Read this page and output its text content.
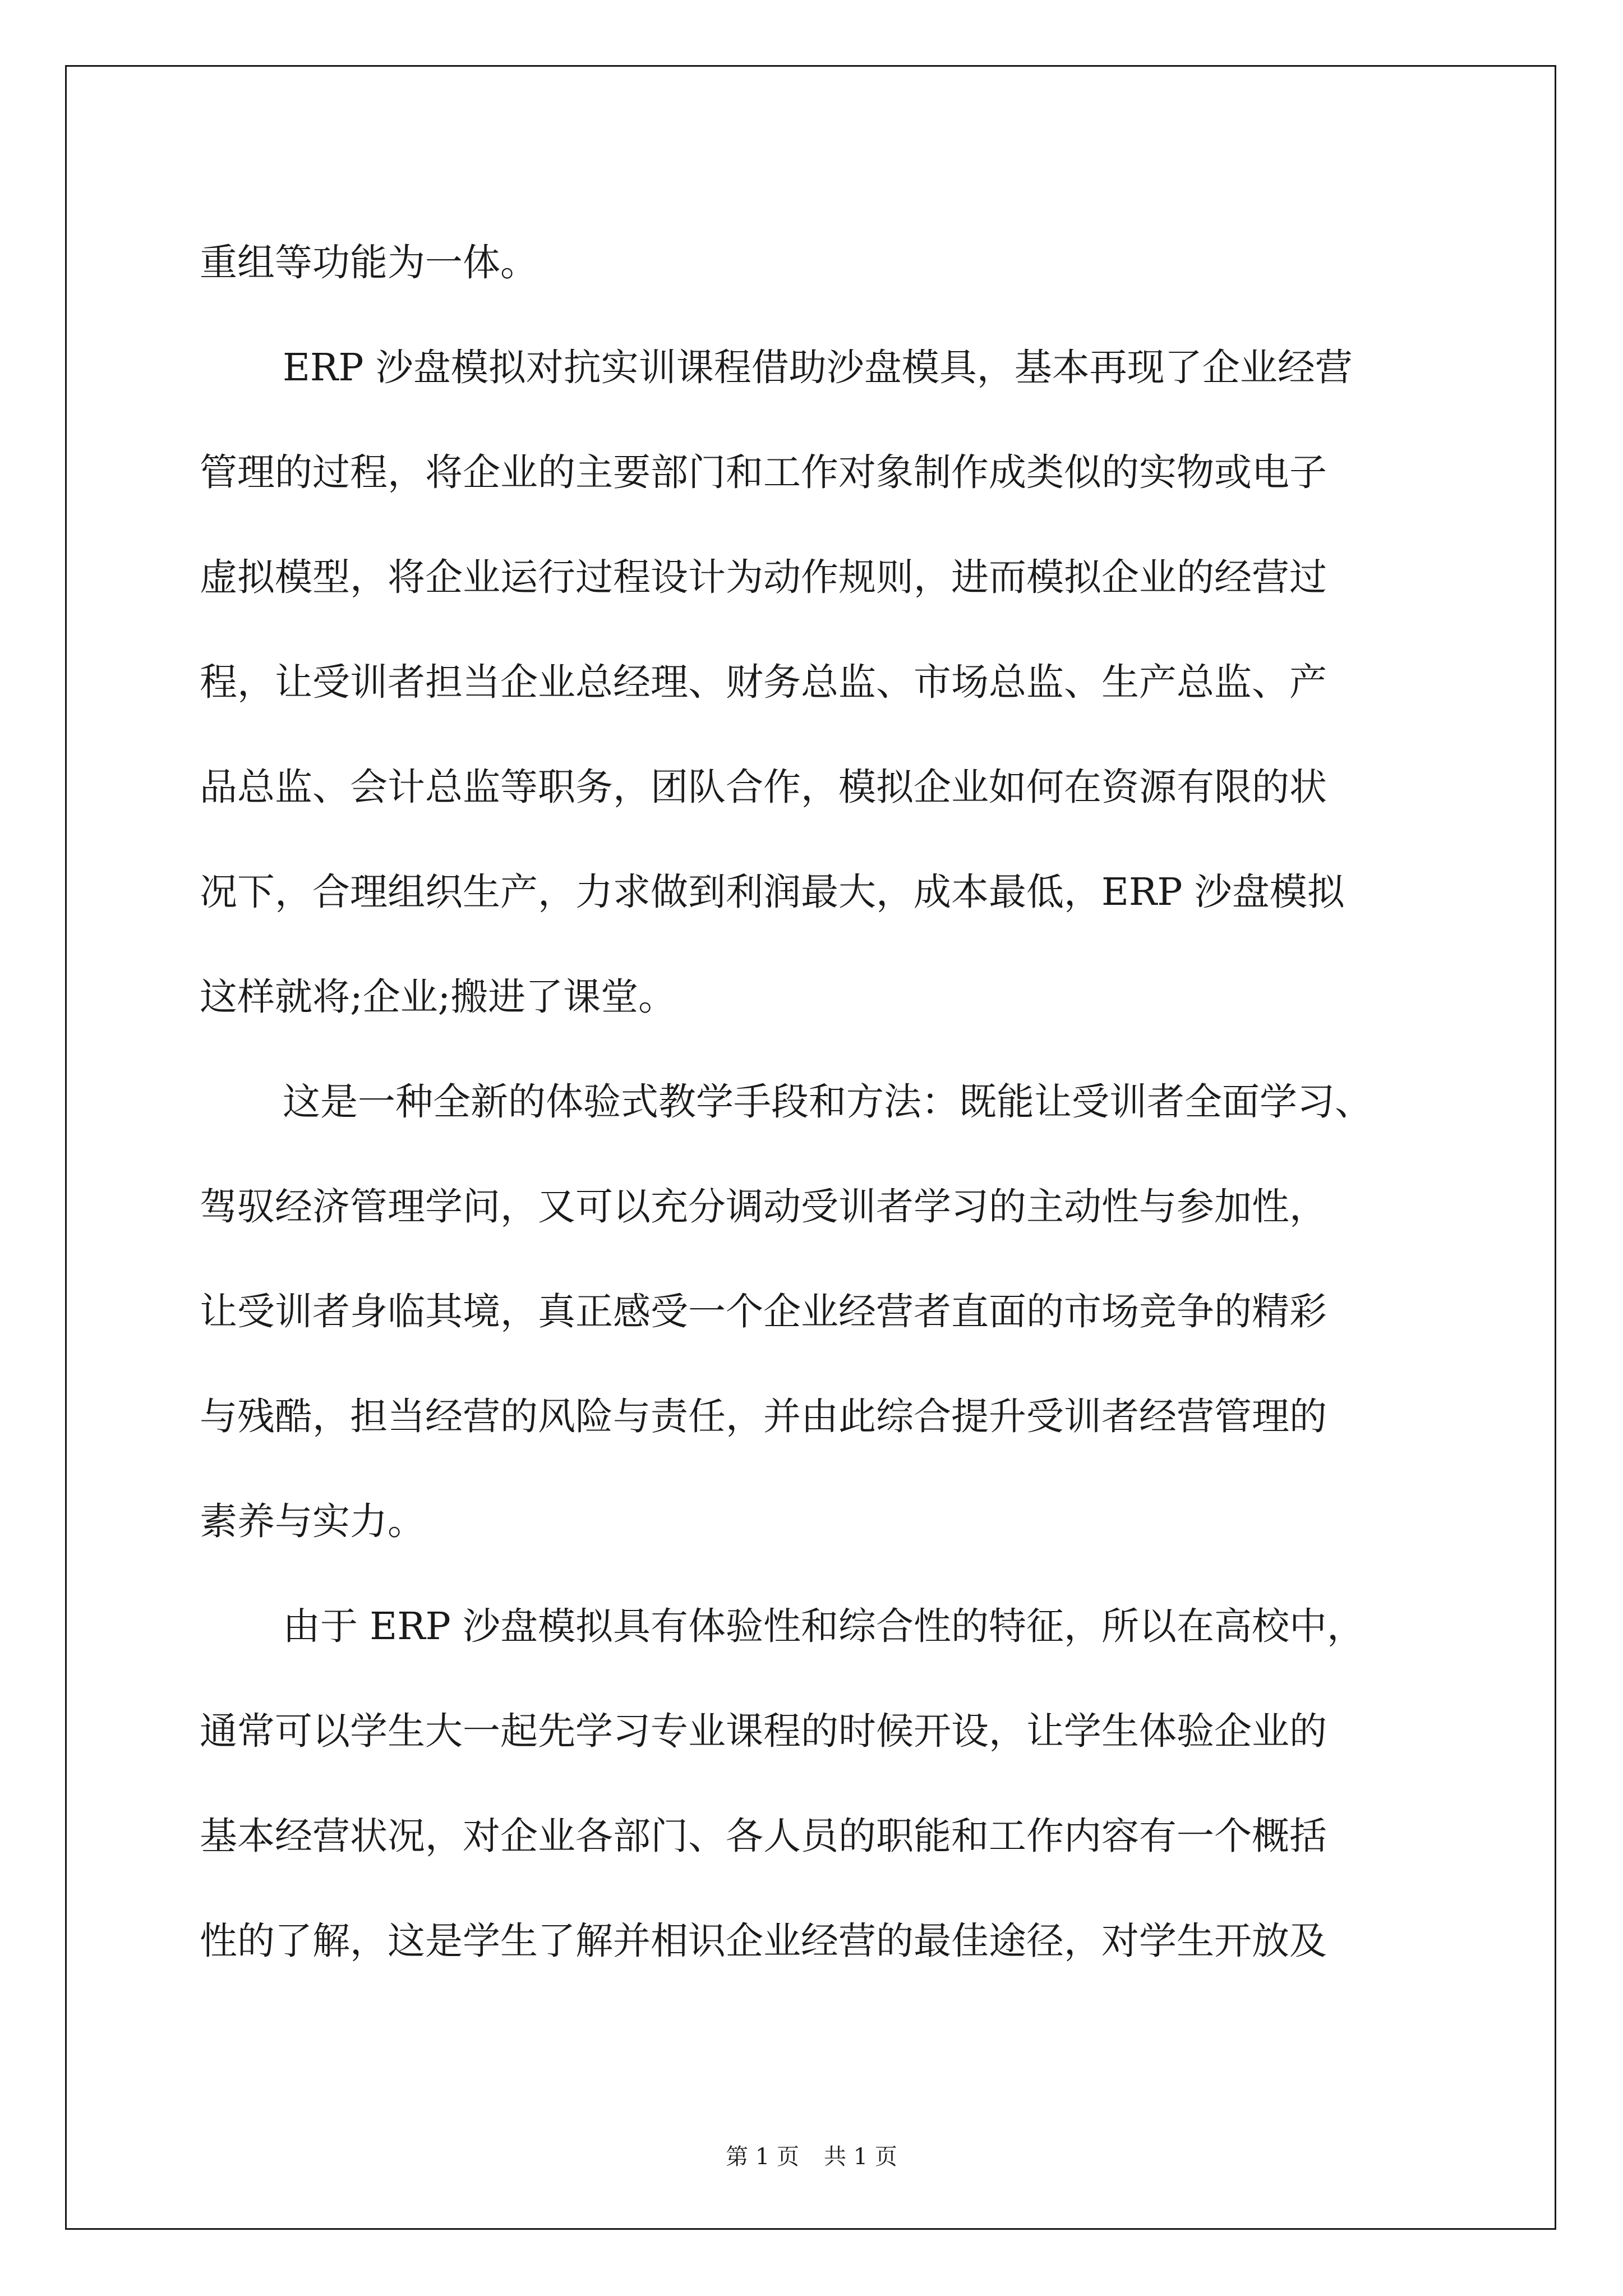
重组等功能为一体。
ERP 沙盘模拟对抗实训课程借助沙盘模具，基本再现了企业经营
管理的过程，将企业的主要部门和工作对象制作成类似的实物或电子
虚拟模型，将企业运行过程设计为动作规则，进而模拟企业的经营过
程，让受训者担当企业总经理、财务总监、市场总监、生产总监、产
品总监、会计总监等职务，团队合作，模拟企业如何在资源有限的状
况下，合理组织生产，力求做到利润最大，成本最低，ERP 沙盘模拟
这样就将;企业;搬进了课堂。
这是一种全新的体验式教学手段和方法：既能让受训者全面学习、
驾驭经济管理学问，又可以充分调动受训者学习的主动性与参加性，
让受训者身临其境，真正感受一个企业经营者直面的市场竞争的精彩
与残酷，担当经营的风险与责任，并由此综合提升受训者经营管理的
素养与实力。
由于 ERP 沙盘模拟具有体验性和综合性的特征，所以在高校中，
通常可以学生大一起先学习专业课程的时候开设，让学生体验企业的
基本经营状况，对企业各部门、各人员的职能和工作内容有一个概括
性的了解，这是学生了解并相识企业经营的最佳途径，对学生开放及
第 1 页 共 1 页
